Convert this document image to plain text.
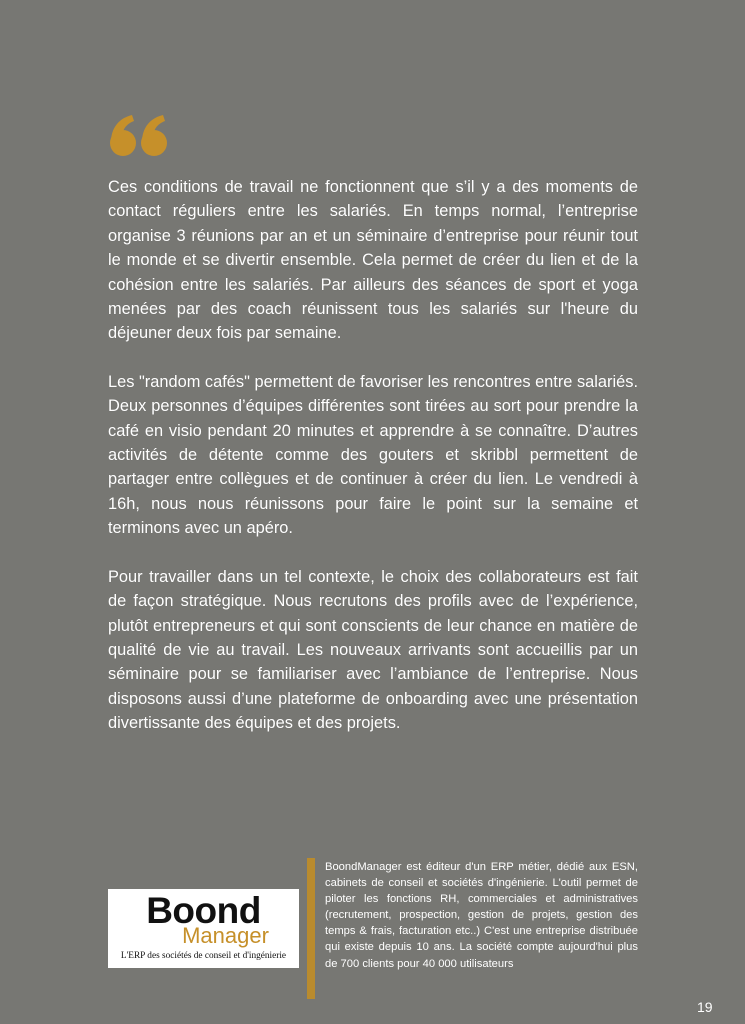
Ces conditions de travail ne fonctionnent que s’il y a des moments de contact réguliers entre les salariés. En temps normal, l’entreprise organise 3 réunions par an et un séminaire d’entreprise pour réunir tout le monde et se divertir ensemble. Cela permet de créer du lien et de la cohésion entre les salariés. Par ailleurs des séances de sport et yoga menées par des coach réunissent tous les salariés sur l'heure du déjeuner deux fois par semaine.

Les "random cafés" permettent de favoriser les rencontres entre salariés. Deux personnes d’équipes différentes sont tirées au sort pour prendre la café en visio pendant 20 minutes et apprendre à se connaître. D’autres activités de détente comme des gouters et skribbl permettent de partager entre collègues et de continuer à créer du lien. Le vendredi à 16h, nous nous réunissons pour faire le point sur la semaine et terminons avec un apéro.

Pour travailler dans un tel contexte, le choix des collaborateurs est fait de façon stratégique. Nous recrutons des profils avec de l’expérience, plutôt entrepreneurs et qui sont conscients de leur chance en matière de qualité de vie au travail. Les nouveaux arrivants sont accueillis par un séminaire pour se familiariser avec l’ambiance de l’entreprise. Nous disposons aussi d’une plateforme de onboarding avec une présentation divertissante des équipes et des projets.

Boond
Manager
L'ERP des sociétés de conseil et d'ingénierie

BoondManager est éditeur d'un ERP métier, dédié aux ESN, cabinets de conseil et sociétés d'ingénierie. L'outil permet de piloter les fonctions RH, commerciales et administratives (recrutement, prospection, gestion de projets, gestion des temps & frais, facturation etc..) C'est une entreprise distribuée qui existe depuis 10 ans. La société compte aujourd'hui plus de 700 clients pour 40 000 utilisateurs

19
